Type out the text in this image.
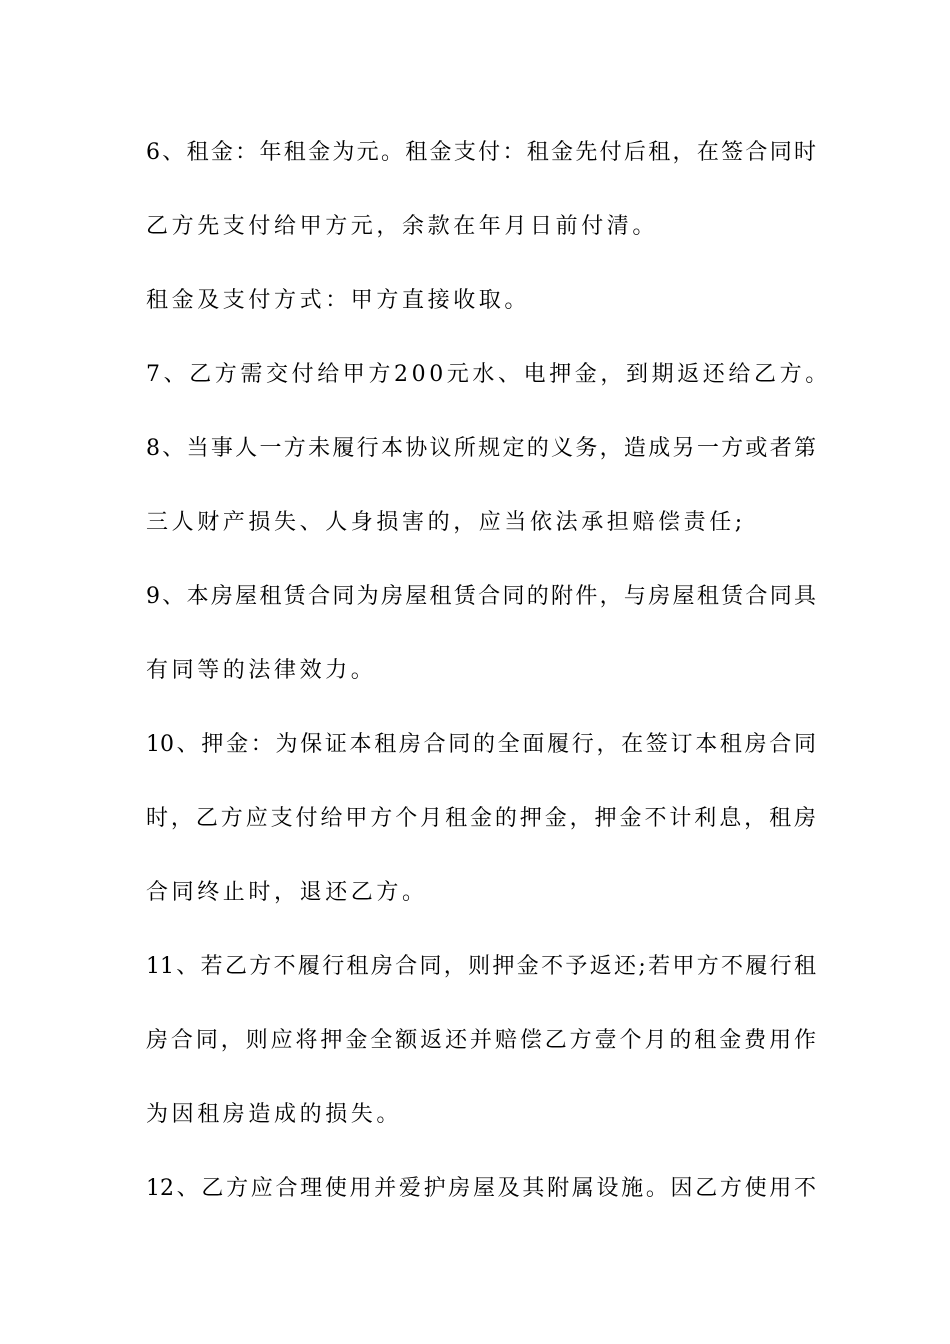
6、租金：年租金为元。租金支付：租金先付后租，在签合同时
乙方先支付给甲方元，余款在年月日前付清。
租金及支付方式：甲方直接收取。
7、乙方需交付给甲方200元水、电押金，到期返还给乙方。
8、当事人一方未履行本协议所规定的义务，造成另一方或者第
三人财产损失、人身损害的，应当依法承担赔偿责任;
9、本房屋租赁合同为房屋租赁合同的附件，与房屋租赁合同具
有同等的法律效力。
10、押金：为保证本租房合同的全面履行，在签订本租房合同
时，乙方应支付给甲方个月租金的押金，押金不计利息，租房
合同终止时，退还乙方。
11、若乙方不履行租房合同，则押金不予返还;若甲方不履行租
房合同，则应将押金全额返还并赔偿乙方壹个月的租金费用作
为因租房造成的损失。
12、乙方应合理使用并爱护房屋及其附属设施。因乙方使用不
